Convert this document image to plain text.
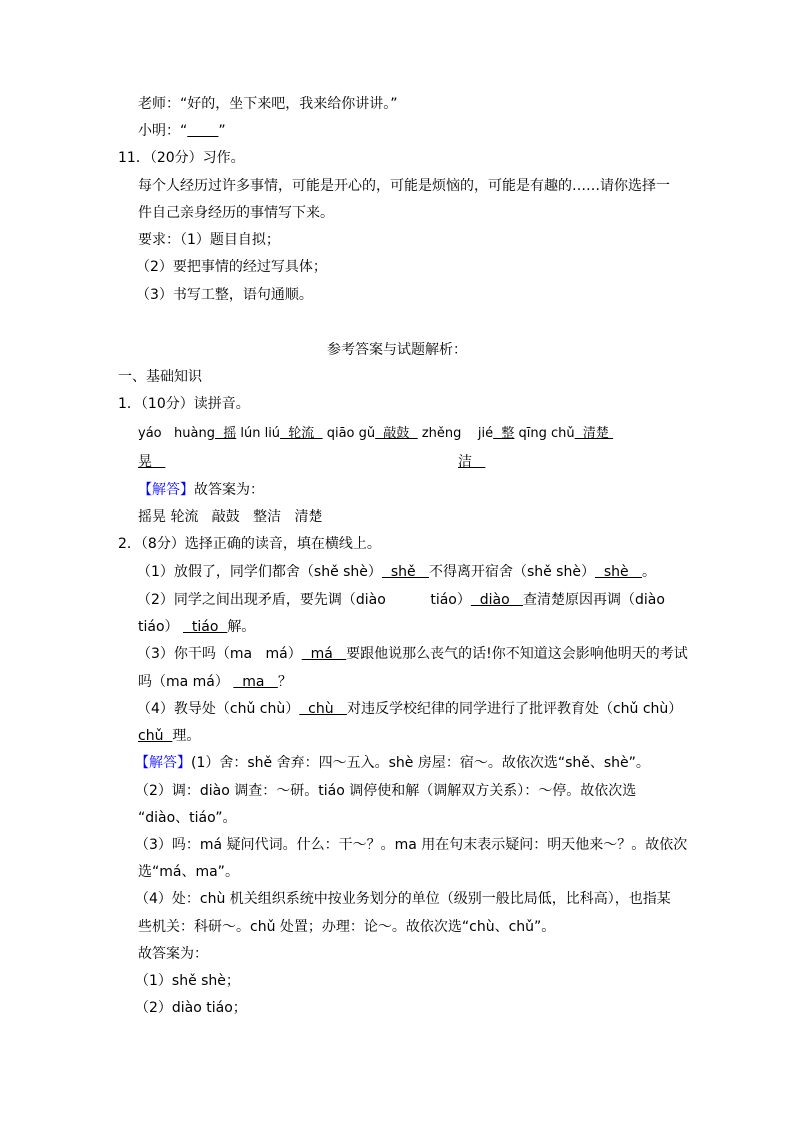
老师：“好的，坐下来吧，我来给你讲讲。”
小明：“ ”
11．（20分）习作。
每个人经历过许多事情，可能是开心的，可能是烦恼的，可能是有趣的……请你选择一
件自己亲身经历的事情写下来。
要求：（1）题目自拟；
（2）要把事情的经过写具体；
（3）书写工整，语句通顺。
参考答案与试题解析：
一、基础知识
1．（10分）读拼音。
yáo   huàng  摇 lún liú  轮流   qiāo gǔ  敲鼓   zhěng    jié  整 qīng chǔ  清楚
晃	洁
【解答】故答案为：
摇晃 轮流   敲鼓   整洁   清楚
2．（8分）选择正确的读音，填在横线上。
（1）放假了，同学们都舍（shě shè）  shě   不得离开宿舍（shě shè）  shè   。
（2）同学之间出现矛盾，要先调（diào          tiáo）  diào   查清楚原因再调（diào
tiáo）   tiáo  解。
（3）你干吗（ma   má）  má   要跟他说那么丧气的话!你不知道这会影响他明天的考试
吗（ma má）   ma   ？
（4）教导处（chǔ chù）  chù   对违反学校纪律的同学进行了批评教育处（chǔ chù）
chǔ 理。
【解答】(1）舍：shě 舍弃：四～五入。shè 房屋：宿～。故依次选“shě、shè”。
（2）调：diào 调查：～研。tiáo 调停使和解（调解双方关系）：～停。故依次选
“diào、tiáo”。
（3）吗：má 疑问代词。什么：干～？。ma 用在句末表示疑问：明天他来～？。故依次
选“má、ma”。
（4）处：chù 机关组织系统中按业务划分的单位（级别一般比局低，比科高），也指某
些机关：科研～。chǔ 处置；办理：论～。故依次选“chù、chǔ”。
故答案为：
（1）shě shè；
（2）diào tiáo；
